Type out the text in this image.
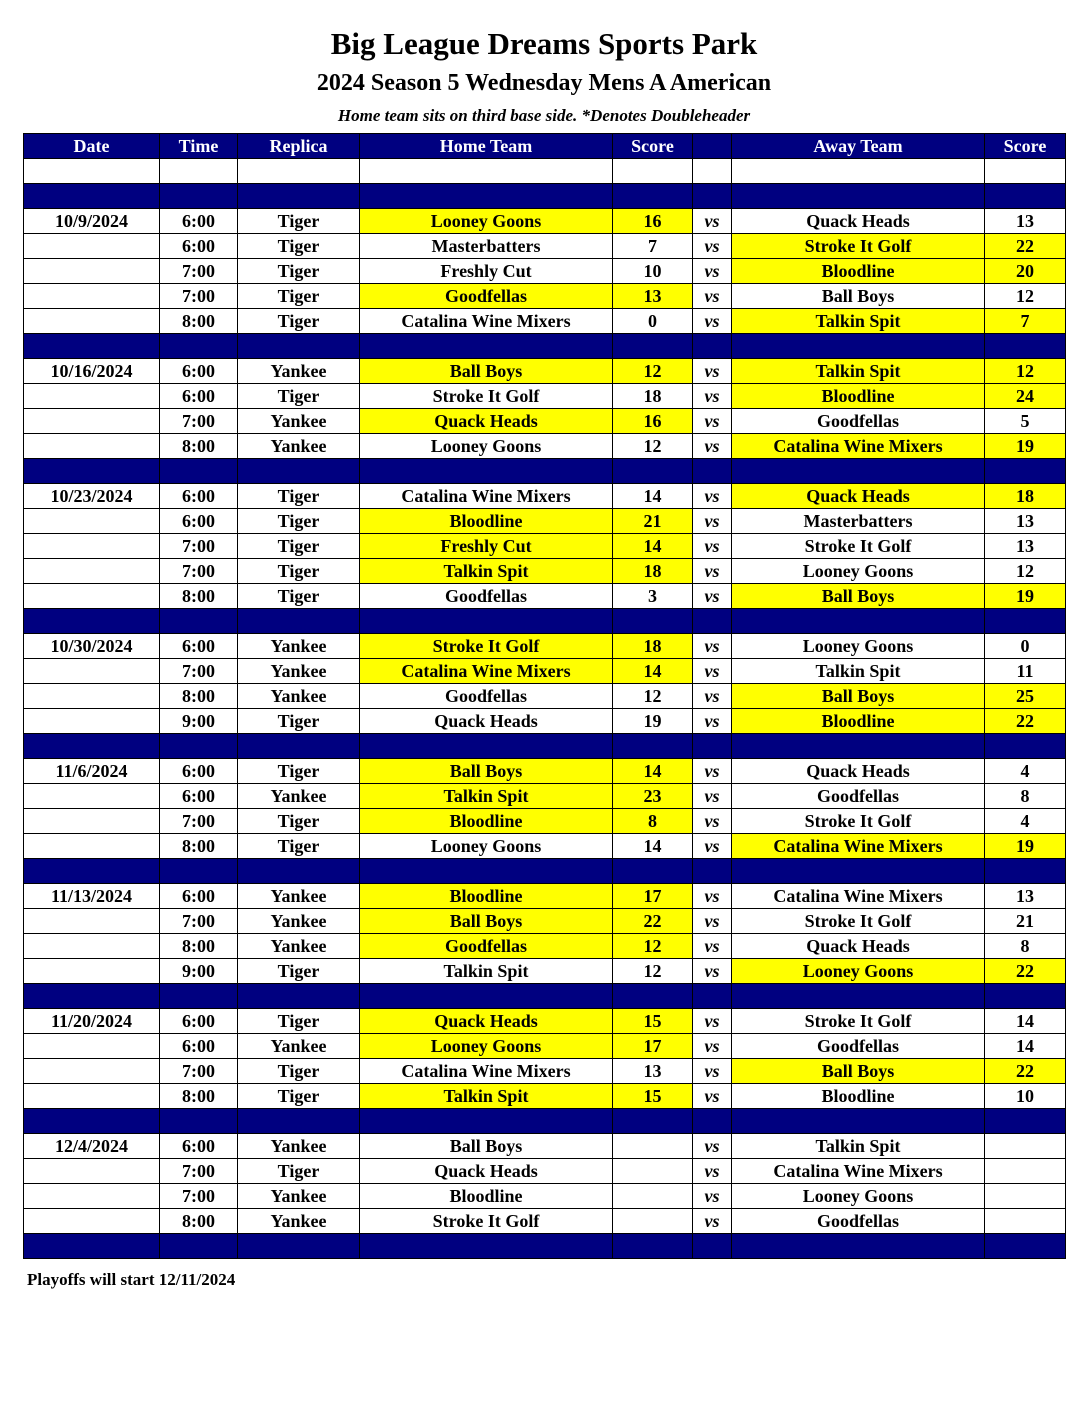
Big League Dreams Sports Park
2024 Season 5 Wednesday Mens A American
Home team sits on third base side. *Denotes Doubleheader
Date	Time	Replica	Home Team	Score		Away Team	Score

10/9/2024	6:00	Tiger	Looney Goons	16	vs	Quack Heads	13
	6:00	Tiger	Masterbatters	7	vs	Stroke It Golf	22
	7:00	Tiger	Freshly Cut	10	vs	Bloodline	20
	7:00	Tiger	Goodfellas	13	vs	Ball Boys	12
	8:00	Tiger	Catalina Wine Mixers	0	vs	Talkin Spit	7

10/16/2024	6:00	Yankee	Ball Boys	12	vs	Talkin Spit	12
	6:00	Tiger	Stroke It Golf	18	vs	Bloodline	24
	7:00	Yankee	Quack Heads	16	vs	Goodfellas	5
	8:00	Yankee	Looney Goons	12	vs	Catalina Wine Mixers	19

10/23/2024	6:00	Tiger	Catalina Wine Mixers	14	vs	Quack Heads	18
	6:00	Tiger	Bloodline	21	vs	Masterbatters	13
	7:00	Tiger	Freshly Cut	14	vs	Stroke It Golf	13
	7:00	Tiger	Talkin Spit	18	vs	Looney Goons	12
	8:00	Tiger	Goodfellas	3	vs	Ball Boys	19

10/30/2024	6:00	Yankee	Stroke It Golf	18	vs	Looney Goons	0
	7:00	Yankee	Catalina Wine Mixers	14	vs	Talkin Spit	11
	8:00	Yankee	Goodfellas	12	vs	Ball Boys	25
	9:00	Tiger	Quack Heads	19	vs	Bloodline	22

11/6/2024	6:00	Tiger	Ball Boys	14	vs	Quack Heads	4
	6:00	Yankee	Talkin Spit	23	vs	Goodfellas	8
	7:00	Tiger	Bloodline	8	vs	Stroke It Golf	4
	8:00	Tiger	Looney Goons	14	vs	Catalina Wine Mixers	19

11/13/2024	6:00	Yankee	Bloodline	17	vs	Catalina Wine Mixers	13
	7:00	Yankee	Ball Boys	22	vs	Stroke It Golf	21
	8:00	Yankee	Goodfellas	12	vs	Quack Heads	8
	9:00	Tiger	Talkin Spit	12	vs	Looney Goons	22

11/20/2024	6:00	Tiger	Quack Heads	15	vs	Stroke It Golf	14
	6:00	Yankee	Looney Goons	17	vs	Goodfellas	14
	7:00	Tiger	Catalina Wine Mixers	13	vs	Ball Boys	22
	8:00	Tiger	Talkin Spit	15	vs	Bloodline	10

12/4/2024	6:00	Yankee	Ball Boys		vs	Talkin Spit	
	7:00	Tiger	Quack Heads		vs	Catalina Wine Mixers	
	7:00	Yankee	Bloodline		vs	Looney Goons	
	8:00	Yankee	Stroke It Golf		vs	Goodfellas	

Playoffs will start 12/11/2024
